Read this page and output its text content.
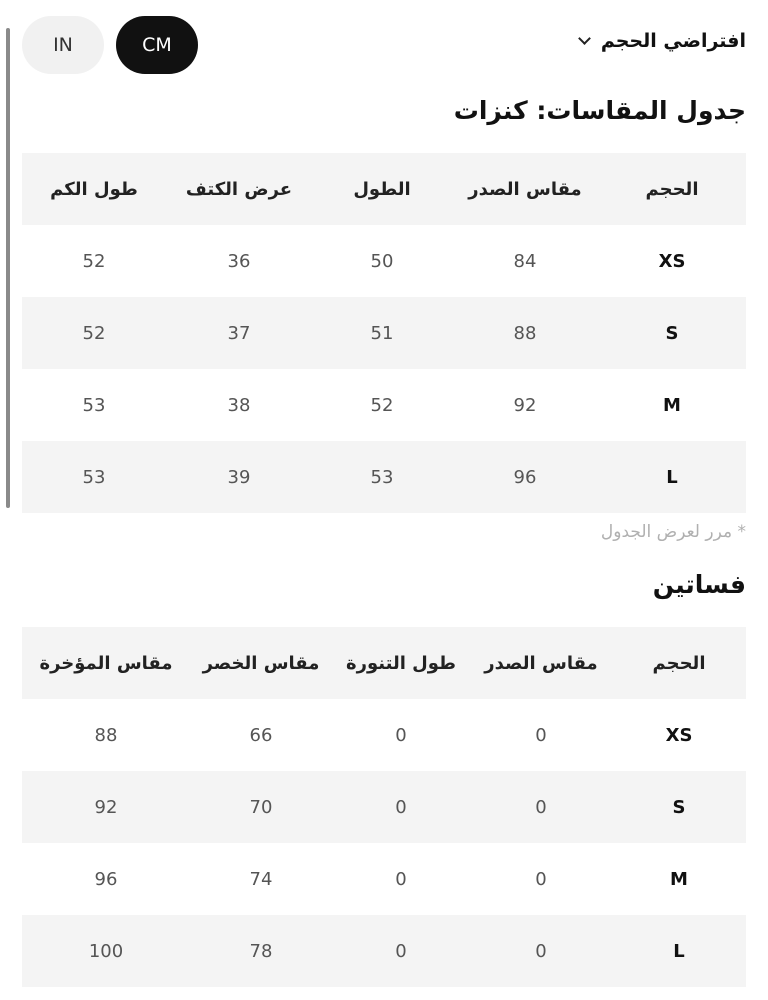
IN	CM	افتراضي الحجم
جدول المقاسات: كنزات
الحجم	مقاس الصدر	الطول	عرض الكتف	طول الكم
XS	84	50	36	52
S	88	51	37	52
M	92	52	38	53
L	96	53	39	53
* مرر لعرض الجدول
فساتين
الحجم	مقاس الصدر	طول التنورة	مقاس الخصر	مقاس المؤخرة
XS	0	0	66	88
S	0	0	70	92
M	0	0	74	96
L	0	0	78	100
